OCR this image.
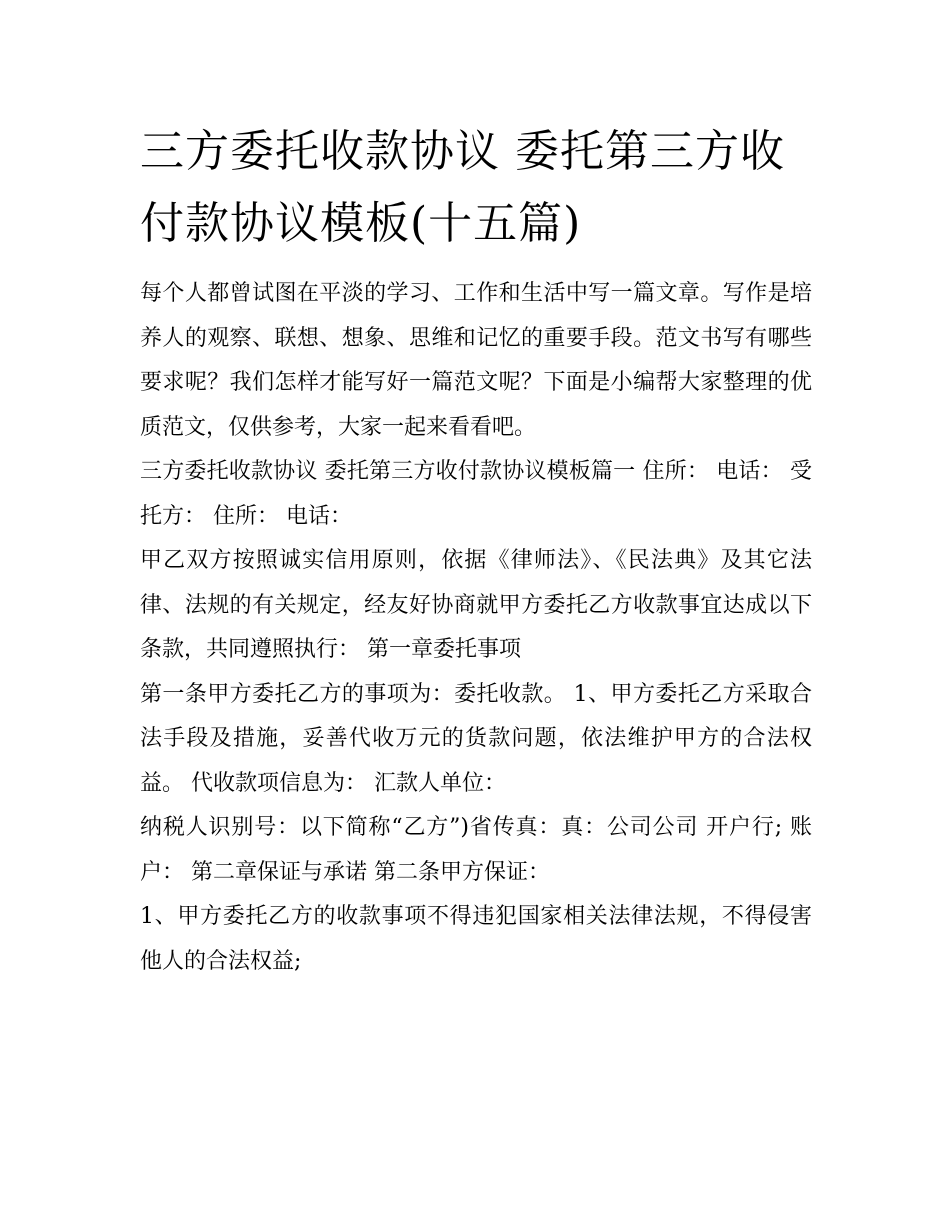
三方委托收款协议 委托第三方收付款协议模板(十五篇)

每个人都曾试图在平淡的学习、工作和生活中写一篇文章。写作是培养人的观察、联想、想象、思维和记忆的重要手段。范文书写有哪些要求呢？我们怎样才能写好一篇范文呢？下面是小编帮大家整理的优质范文，仅供参考，大家一起来看看吧。

三方委托收款协议 委托第三方收付款协议模板篇一 住所： 电话： 受托方： 住所： 电话：

甲乙双方按照诚实信用原则，依据《律师法》、《民法典》及其它法律、法规的有关规定，经友好协商就甲方委托乙方收款事宜达成以下条款，共同遵照执行： 第一章委托事项

第一条甲方委托乙方的事项为：委托收款。 1、甲方委托乙方采取合法手段及措施，妥善代收万元的货款问题，依法维护甲方的合法权益。 代收款项信息为： 汇款人单位：

纳税人识别号：以下简称“乙方”)省传真：真：公司公司 开户行; 账户： 第二章保证与承诺 第二条甲方保证：

1、甲方委托乙方的收款事项不得违犯国家相关法律法规，不得侵害他人的合法权益;
